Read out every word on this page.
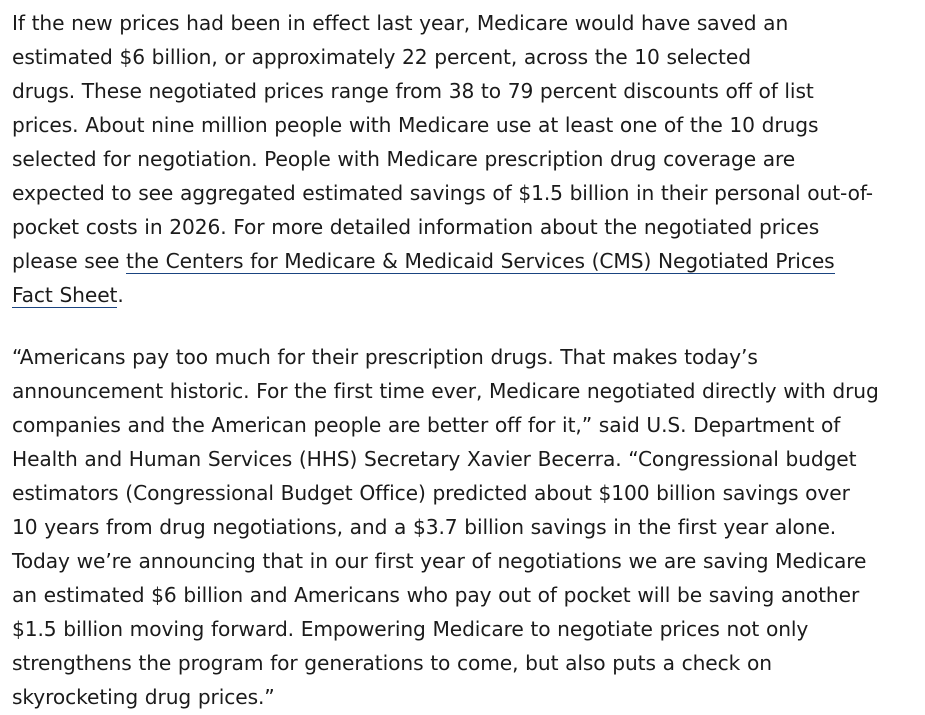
If the new prices had been in effect last year, Medicare would have saved an
estimated $6 billion, or approximately 22 percent, across the 10 selected
drugs. These negotiated prices range from 38 to 79 percent discounts off of list
prices. About nine million people with Medicare use at least one of the 10 drugs
selected for negotiation. People with Medicare prescription drug coverage are
expected to see aggregated estimated savings of $1.5 billion in their personal out-of-
pocket costs in 2026. For more detailed information about the negotiated prices
please see the Centers for Medicare & Medicaid Services (CMS) Negotiated Prices
Fact Sheet.

“Americans pay too much for their prescription drugs. That makes today’s
announcement historic. For the first time ever, Medicare negotiated directly with drug
companies and the American people are better off for it,” said U.S. Department of
Health and Human Services (HHS) Secretary Xavier Becerra. “Congressional budget
estimators (Congressional Budget Office) predicted about $100 billion savings over
10 years from drug negotiations, and a $3.7 billion savings in the first year alone.
Today we’re announcing that in our first year of negotiations we are saving Medicare
an estimated $6 billion and Americans who pay out of pocket will be saving another
$1.5 billion moving forward. Empowering Medicare to negotiate prices not only
strengthens the program for generations to come, but also puts a check on
skyrocketing drug prices.”
